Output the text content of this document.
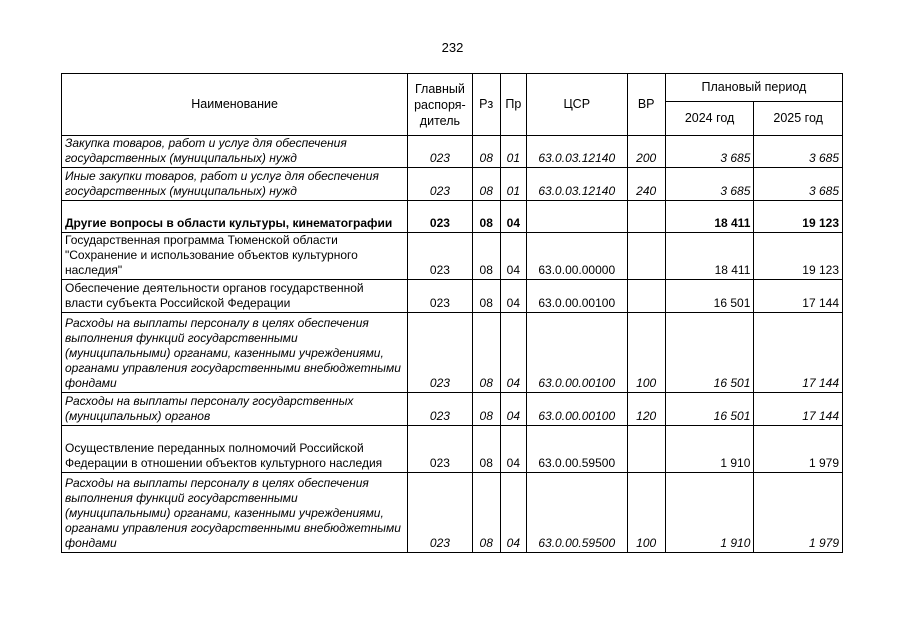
232
Наименование	Главный распоря-дитель	Рз	Пр	ЦСР	ВР	Плановый период	
						2024 год	2025 год
Закупка товаров, работ и услуг для обеспечения государственных (муниципальных) нужд	023	08	01	63.0.03.12140	200	3 685	3 685
Иные закупки товаров, работ и услуг для обеспечения государственных (муниципальных) нужд	023	08	01	63.0.03.12140	240	3 685	3 685
Другие вопросы в области культуры, кинематографии	023	08	04			18 411	19 123
Государственная программа Тюменской области "Сохранение и использование объектов культурного наследия"	023	08	04	63.0.00.00000		18 411	19 123
Обеспечение деятельности органов государственной власти субъекта Российской Федерации	023	08	04	63.0.00.00100		16 501	17 144
Расходы на выплаты персоналу в целях обеспечения выполнения функций государственными (муниципальными) органами, казенными учреждениями, органами управления государственными внебюджетными фондами	023	08	04	63.0.00.00100	100	16 501	17 144
Расходы на выплаты персоналу государственных (муниципальных) органов	023	08	04	63.0.00.00100	120	16 501	17 144
Осуществление переданных полномочий Российской Федерации в отношении объектов культурного наследия	023	08	04	63.0.00.59500		1 910	1 979
Расходы на выплаты персоналу в целях обеспечения выполнения функций государственными (муниципальными) органами, казенными учреждениями, органами управления государственными внебюджетными фондами	023	08	04	63.0.00.59500	100	1 910	1 979
